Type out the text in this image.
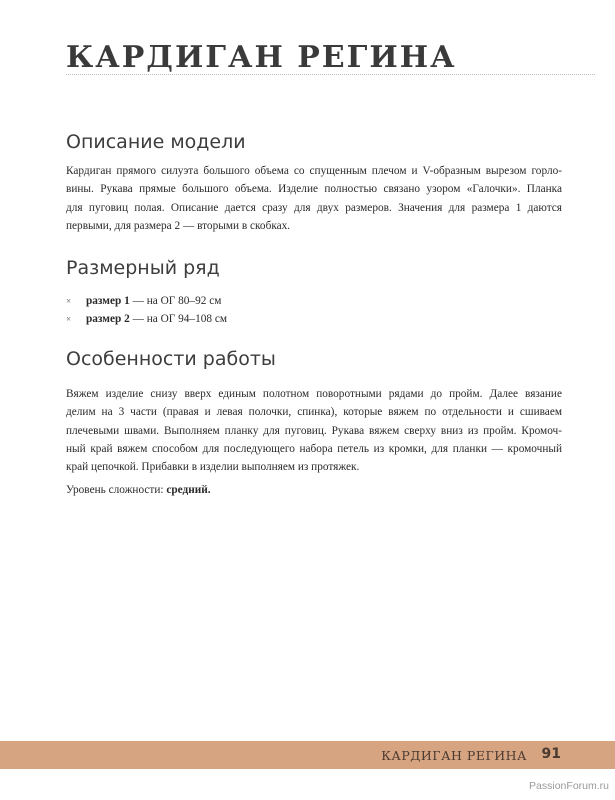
КАРДИГАН РЕГИНА
Описание модели

Кардиган прямого силуэта большого объема со спущенным плечом и V-образным вырезом горло-
вины. Рукава прямые большого объема. Изделие полностью связано узором «Галочки». Планка
для пуговиц полая. Описание дается сразу для двух размеров. Значения для размера 1 даются
первыми, для размера 2 — вторыми в скобках.

Размерный ряд
× размер 1 — на ОГ 80–92 см
× размер 2 — на ОГ 94–108 см
Особенности работы

Вяжем изделие снизу вверх единым полотном поворотными рядами до пройм. Далее вязание
делим на 3 части (правая и левая полочки, спинка), которые вяжем по отдельности и сшиваем
плечевыми швами. Выполняем планку для пуговиц. Рукава вяжем сверху вниз из пройм. Кромоч-
ный край вяжем способом для последующего набора петель из кромки, для планки — кромочный
край цепочкой. Прибавки в изделии выполняем из протяжек.

Уровень сложности: средний.

КАРДИГАН РЕГИНА 91
PassionForum.ru
